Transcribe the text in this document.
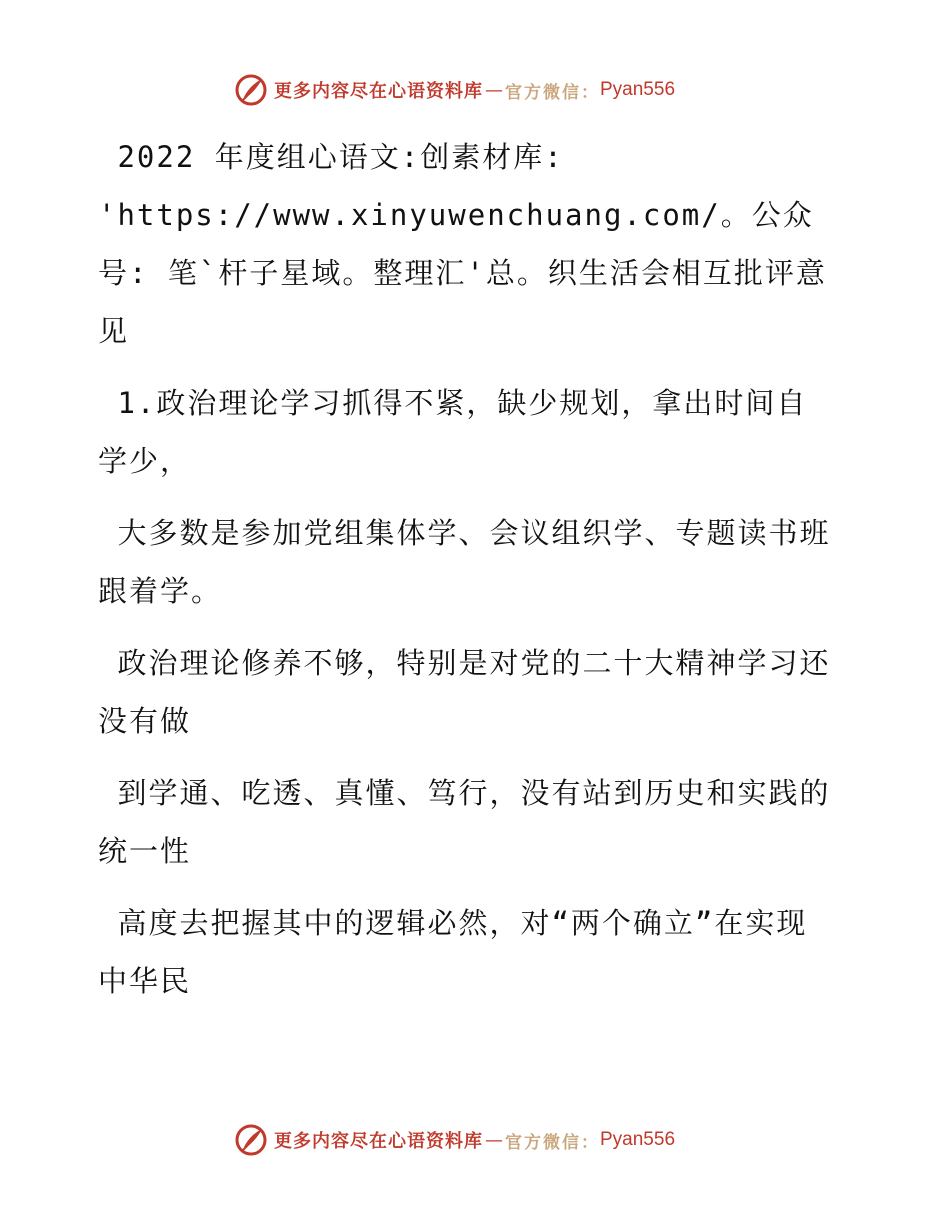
更多内容尽在心语资料库 — 官方微信： Pyan556

2022 年度组心语文:创素材库: 'https://www.xinyuwenchuang.com/。公众号: 笔`杆子星域。整理汇'总。织生活会相互批评意见

1.政治理论学习抓得不紧，缺少规划，拿出时间自学少，

大多数是参加党组集体学、会议组织学、专题读书班跟着学。

政治理论修养不够，特别是对党的二十大精神学习还没有做

到学通、吃透、真懂、笃行，没有站到历史和实践的统一性

高度去把握其中的逻辑必然，对“两个确立”在实现中华民

更多内容尽在心语资料库 — 官方微信： Pyan556
